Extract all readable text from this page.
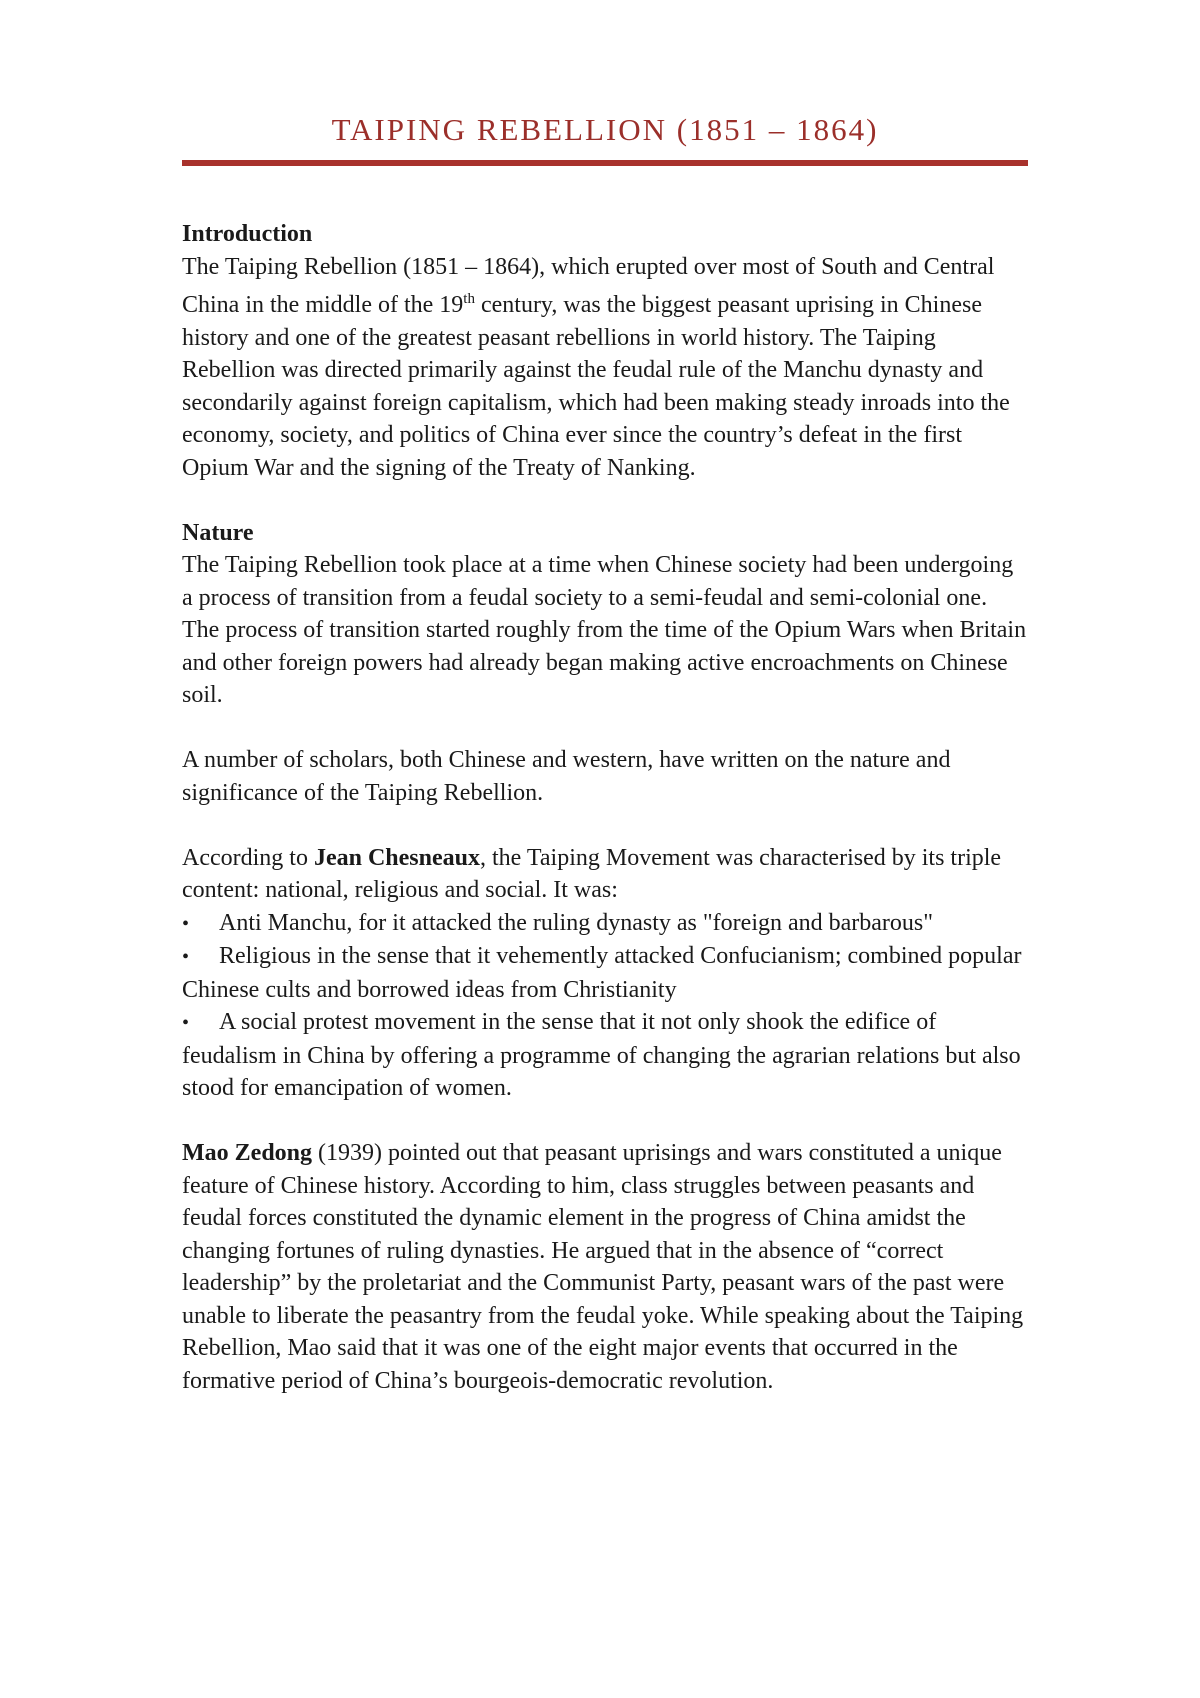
TAIPING REBELLION (1851 – 1864)
Introduction

The Taiping Rebellion (1851 – 1864), which erupted over most of South and Central China in the middle of the 19th century, was the biggest peasant uprising in Chinese history and one of the greatest peasant rebellions in world history. The Taiping Rebellion was directed primarily against the feudal rule of the Manchu dynasty and secondarily against foreign capitalism, which had been making steady inroads into the economy, society, and politics of China ever since the country’s defeat in the first Opium War and the signing of the Treaty of Nanking.

Nature

The Taiping Rebellion took place at a time when Chinese society had been undergoing a process of transition from a feudal society to a semi-feudal and semi-colonial one. The process of transition started roughly from the time of the Opium Wars when Britain and other foreign powers had already began making active encroachments on Chinese soil.

A number of scholars, both Chinese and western, have written on the nature and significance of the Taiping Rebellion.

According to Jean Chesneaux, the Taiping Movement was characterised by its triple content: national, religious and social. It was:

• Anti Manchu, for it attacked the ruling dynasty as "foreign and barbarous"
• Religious in the sense that it vehemently attacked Confucianism; combined popular Chinese cults and borrowed ideas from Christianity
• A social protest movement in the sense that it not only shook the edifice of feudalism in China by offering a programme of changing the agrarian relations but also stood for emancipation of women.

Mao Zedong (1939) pointed out that peasant uprisings and wars constituted a unique feature of Chinese history. According to him, class struggles between peasants and feudal forces constituted the dynamic element in the progress of China amidst the changing fortunes of ruling dynasties. He argued that in the absence of “correct leadership” by the proletariat and the Communist Party, peasant wars of the past were unable to liberate the peasantry from the feudal yoke. While speaking about the Taiping Rebellion, Mao said that it was one of the eight major events that occurred in the formative period of China’s bourgeois-democratic revolution.
